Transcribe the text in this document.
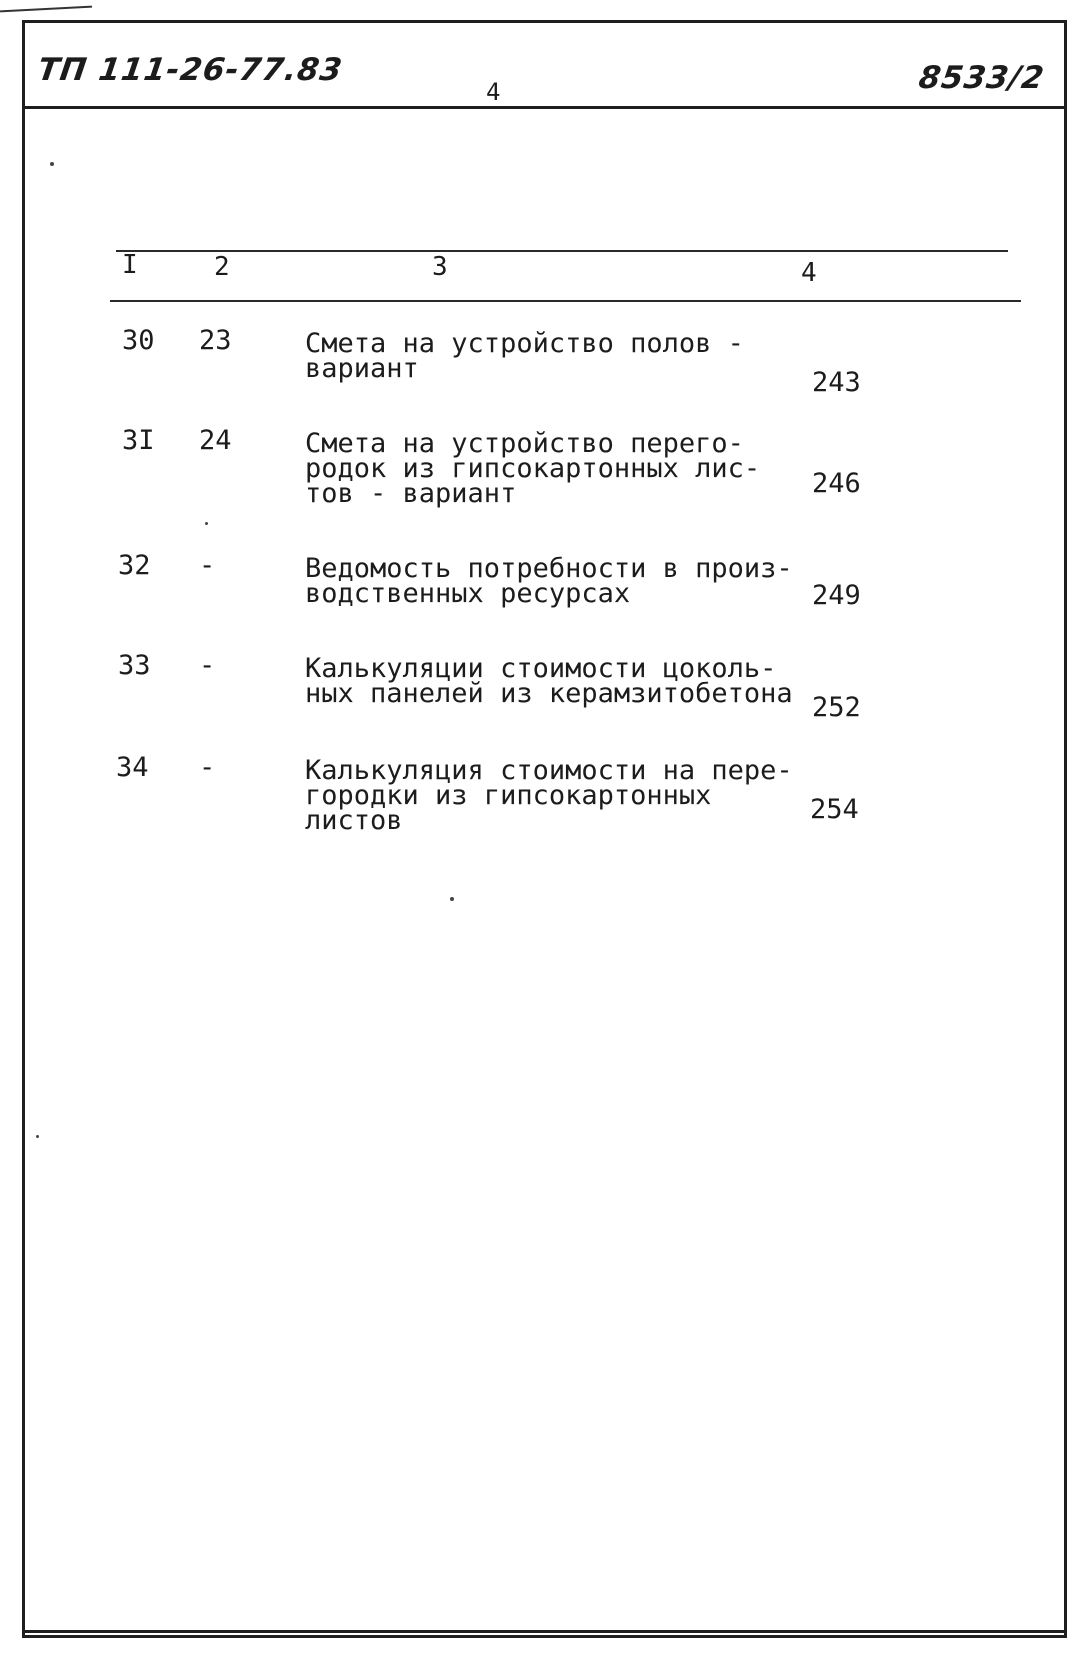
ТП 111-26-77.83
4	8533/2
I	2	3	4
30 23	Смета на устройство полов -
вариант	243
3I 24	Смета на устройство перего-
родок из гипсокартонных лис-
тов - вариант	246
32 -	Ведомость потребности в произ-
водственных ресурсах	249
33 -	Калькуляции стоимости цоколь-
ных панелей из керамзитобетона 252
34 -	Калькуляция стоимости на пере-
городки из гипсокартонных
листов	254
